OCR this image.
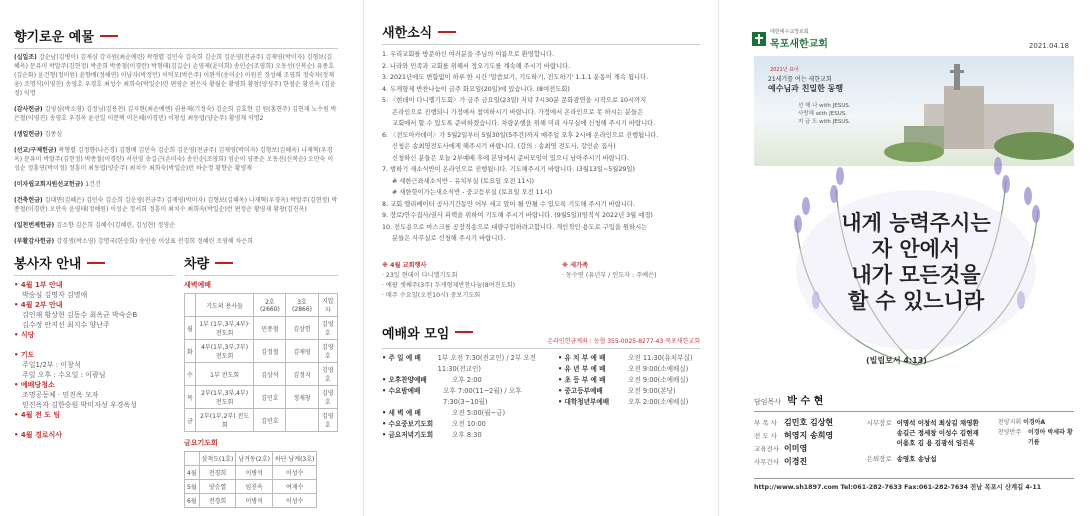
향기로운 예물
(십일조) 강순남(김병이) 김재심 강지원(최순애련) 곽형렬 김민숙 김숙희 김순희 김운영(전금주) 김재영(박미자) 김형보(김혜옥) 문유미 박말주(김현정) 박준희 박종철(이경란) 박형태(김길순) 손영제(윤미희) 송인순(조영희) 오동선(신복순) 유종호(김순화) 윤건형(정미원) 윤향배(정해연) 이남자(박정민) 이덕모(박은주) 이완석(송미순) 이원진 정성혜 조영희 정숙자(정재웅) 조명식(이영진) 송영호 우경호 최성수 최희숙(박일순)런 편영순 편은자 황월순 황영희 황창(양성주) 한점순 황진옥 (김윤정) 익명
(감사헌금) 김영심(박소영) 김정님(김용천) 김지현(최순예엔) 권용재(기정숙) 김순희 김효현 김 원(홍현주) 김현재 노수원 박은철(이영진) 송영호 우경옥 윤선일 이문택 이은혜(이경민) 이창섭 최동엽(양순주) 황영재 익명2
(생일헌금) 김종심
(선교/구제헌금) 곽형렬 김정향(나은경) 김형배 김민숙 김순희 김운영(전금주) 김재영(박미자) 김형보(김혜옥) 나재혁(우경옥) 문유미 박말주(김현정) 박종철(이경란) 서선영 송길근(손미숙) 송인순(조영희) 엄순이 양종순 오동선(신복순) 오만숙 이성순 정홍연(박미정) 정흥미 최동엽(양순주) 최치수 최희숙(박일순)런 하순정 황향순 황영재
(미자립교회지원선교헌금) 1건건
(건축헌금) 김대면(김혜은) 김민숙 김순희 김운영(전금주) 김재영(박미자) 김형보(김혜옥) 나재혁(우경옥) 박말주(김현정) 박종철(이경란) 오만숙 윤영태(정혜원) 이성순 정서희 정흥미 최치수 최희숙(박일순)런 편정순 황영재 황창(김진옥)
(일천번제헌금) 김소향 김은희 김혜수(김혜린, 김성현) 정영순
(부활감사헌금) 강경생(박소영) 강명국(한승희) 송인송 이상표 전경희 정혜린 조영해 차은희
봉사자 안내
• 4월 1부 안내
박숭심 김명자 김명애
• 4월 2부 안내
김인재 황상현 김동수 최옥균 박숙순B
김수정 안지선 최지수 양난주
• 식당

• 기도
주일1/2부 : 이창석
주일 오후 : 수요일 : 이광님
• 예배당청소
조명공동체 · 믿진옥 모자
믿진옥자 김한승원 박미자성 우경옥성
• 4월 전 도 팀

• 4월 경로식사

차량
새벽예배
	기도의 용사들	2호(2660)	3호(2866)	지압자
월	1부 (1부,3부,4부)·전도회	민종철	김상헌	김영호
화	4부(1부,3부,7부) 전도회	김정철	김재영	김영호
수	1부 전도회	김상석	김정지	김영호
목	2부(1부,3부,4부) 전도회	김민호	정재창	김영호
금	2부(1부,2부) 전도회	김민호		김영호
금요기도회
	삼척도(1호)	남겨동(2호)	하단 남계(3호)
4월	전경희	이병석	이성수
5월	양승열	임진옥	여재수
6월	전경희	이병석	이성수
새한소식
1. 우리교회를 방문하신 여러분을 주님의 이름으로 환영합니다.
2. 나라와 민족과 교회를 위해서 정오기도를 계속해 주시기 바랍니다.
3. 2021년에도 변함없이 하루 한 시간 '말씀보기, 기도하기, 전도하기' 1.1.1 운동이 계속 됩니다.
4. 두게형제 반찬나눔이 금주 화요일(20일)에 있습니다. (8여전도회)
5. 〈현데이 다니엘기도회〉가 금주 금요일(23일) 저녁 7시30분 문화광연을 시작으로 10시까지
온라인으로 진행되니 가정에서 참여하시기 바랍니다. 가정에서 온라인으로 못 하시는 분들은
교회에서 할 수 있도록 준비하겠습니다. 차량운행을 위해 미리 사무실에 신청해 주시기 바랍니다.
6. 〈전도아카데미〉가 5월2일부터 5월30일(5주간)까지 매주일 오후 2시에 온라인으로 진행됩니다.
신청은 송최영전도사에게 해주시기 바랍니다. (강의 : 송최영 전도사, 강인순 집사)
신청하신 분들은 오늘 2부예배 후에 본당에서 준비모임이 있으니 남아주시기 바랍니다.
7. 범하기 새소식반이 온라인으로 진행됩니다. 기도해주시기 바랍니다. (3월13일~5월29일)
# 새한근좌새소식반 - 유치부실 (토요일 오전 11시)
# 새한핫이가는새소식반 - 중고등부실 (토요일 오전 11시)
8. 교회 엘리베이터 공사기간동안 어부 세고 앞이 될 만될 수 있도록 기도해 주시기 바랍니다.
9. 장로/안수집사/권사 피택을 위하여 기도해 주시기 바랍니다. (9월5일)(임직식 2022년 3월 예정)
10. 전도용으로 마스크를 공장직송으로 대량구입하려고합니다. 개인적인 용도로 구입을 원하시는
분들은 사무실로 신청해 주시기 바랍니다.
※ 4월 교회행사
· 23일 현데이 다니엘기도회
· 예팔 셋째주(3주) 두게형제반찬나눔(8여전도회)
· 매주 수요일(오전10시) 중보기도회
※ 새가족
· 동수연 (유년부 / 인도자 : 주예은)
예배와 모임	온라인헌금계좌 : 농협 355-0025-8277-43 목포새한교회
• 주 일 예 배	1부 오전 7:30(전교인) / 2부 오전 11:30(전교인)
• 오후찬양예배	오후 2:00
• 수요밤예배	오후 7:00(11~2월) / 오후 7:30(3~10월)
• 새 벽 예 배	오전 5:00(월~금)
• 수요중보기도회	오전 10:00
• 금요저녁기도회	오후 8:30
• 유 치 부 예 배	오전 11:30(유치부실)
• 유 년 부 예 배	오전 9:00(소예배실)
• 초 등 부 예 배	오전 9:00(소예배실)
• 중고등부예배	오전 9:00(본당)
• 대학청년부예배	오후 2:00(소예배실)
대한예수교장로회
목포새한교회	2021.04.18
2021년 표어
21세기를 여는 새한교회
예수님과 친밀한 동행
선 해 나 with JESUS.
사랑해 with JESUS.
지 금 도 with JESUS.
내게 능력주시는
자 안에서
내가 모든것을
할 수 있느니라
(빌립보서 4:13)
담임목사 박 수 현
부 목 사 김민호 김상현
전 도 사 허영지 송희영
교육전사 이미영
사무간사 이경진
시무장로 이명석 이창석 최상길 채영환
송길근 정세창 이성수 김현재
이용호 김 용 김광석 임진옥
은퇴장로 송영호 송남섭
찬양지휘 이경아A
찬양반주	이경아 박세라 황기름
http://www.sh1897.com Tel:061-282-7633 Fax:061-282-7634 전남 목포시 산계길 4-11
